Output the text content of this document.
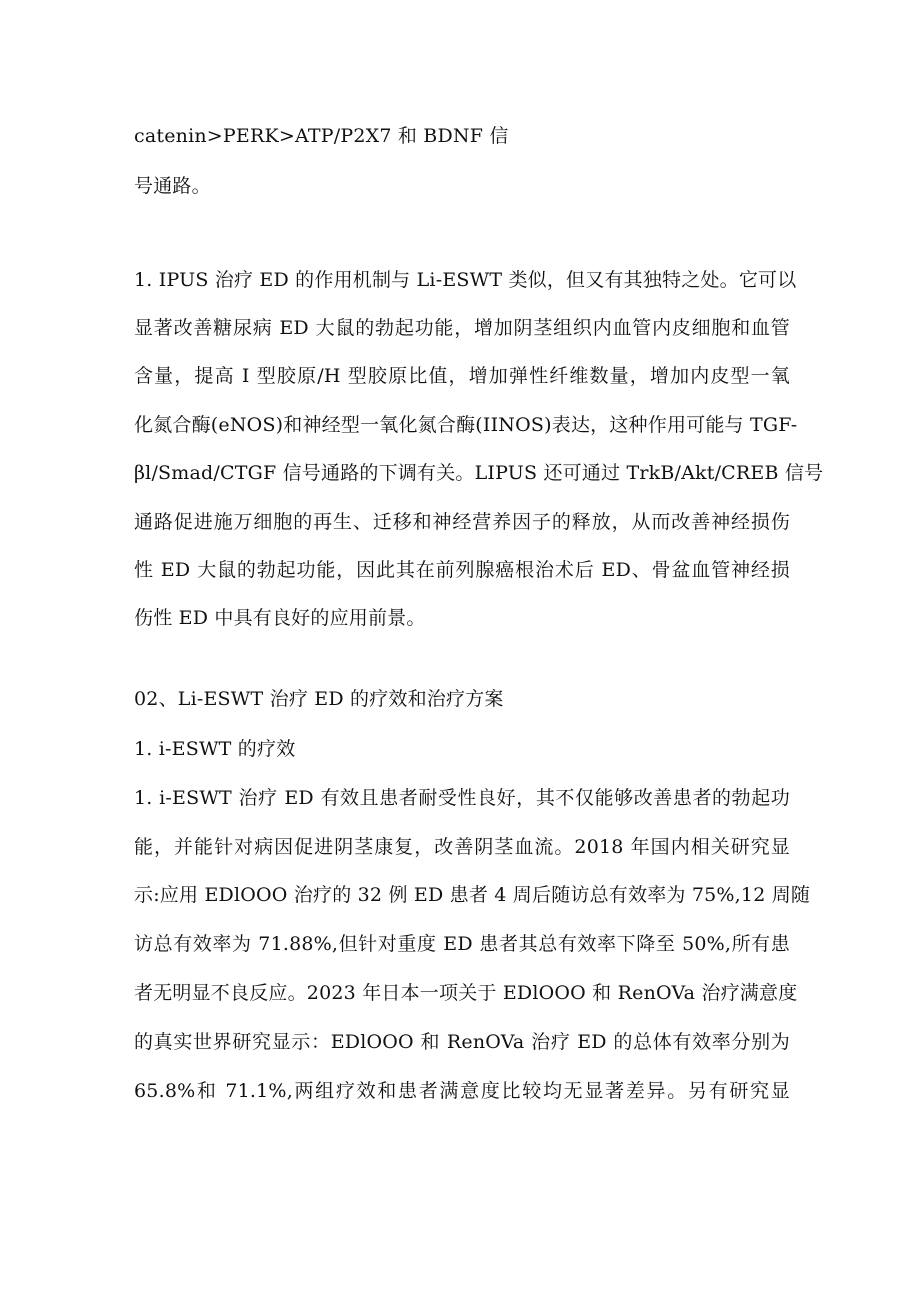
catenin>PERK>ATP/P2X7 和 BDNF 信
号通路。
1. IPUS 治疗 ED 的作用机制与 Li-ESWT 类似，但又有其独特之处。它可以
显著改善糖尿病 ED 大鼠的勃起功能，增加阴茎组织内血管内皮细胞和血管
含量，提高 I 型胶原/H 型胶原比值，增加弹性纤维数量，增加内皮型一氧
化氮合酶(eNOS)和神经型一氧化氮合酶(IINOS)表达，这种作用可能与 TGF-
βl/Smad/CTGF 信号通路的下调有关。LIPUS 还可通过 TrkB/Akt/CREB 信号
通路促进施万细胞的再生、迁移和神经营养因子的释放，从而改善神经损伤
性 ED 大鼠的勃起功能，因此其在前列腺癌根治术后 ED、骨盆血管神经损
伤性 ED 中具有良好的应用前景。
02、Li-ESWT 治疗 ED 的疗效和治疗方案
1. i-ESWT 的疗效
1. i-ESWT 治疗 ED 有效且患者耐受性良好，其不仅能够改善患者的勃起功
能，并能针对病因促进阴茎康复，改善阴茎血流。2018 年国内相关研究显
示:应用 EDlOOO 治疗的 32 例 ED 患者 4 周后随访总有效率为 75%,12 周随
访总有效率为 71.88%,但针对重度 ED 患者其总有效率下降至 50%,所有患
者无明显不良反应。2023 年日本一项关于 EDlOOO 和 RenOVa 治疗满意度
的真实世界研究显示：EDlOOO 和 RenOVa 治疗 ED 的总体有效率分别为
65.8%和 71.1%,两组疗效和患者满意度比较均无显著差异。另有研究显
